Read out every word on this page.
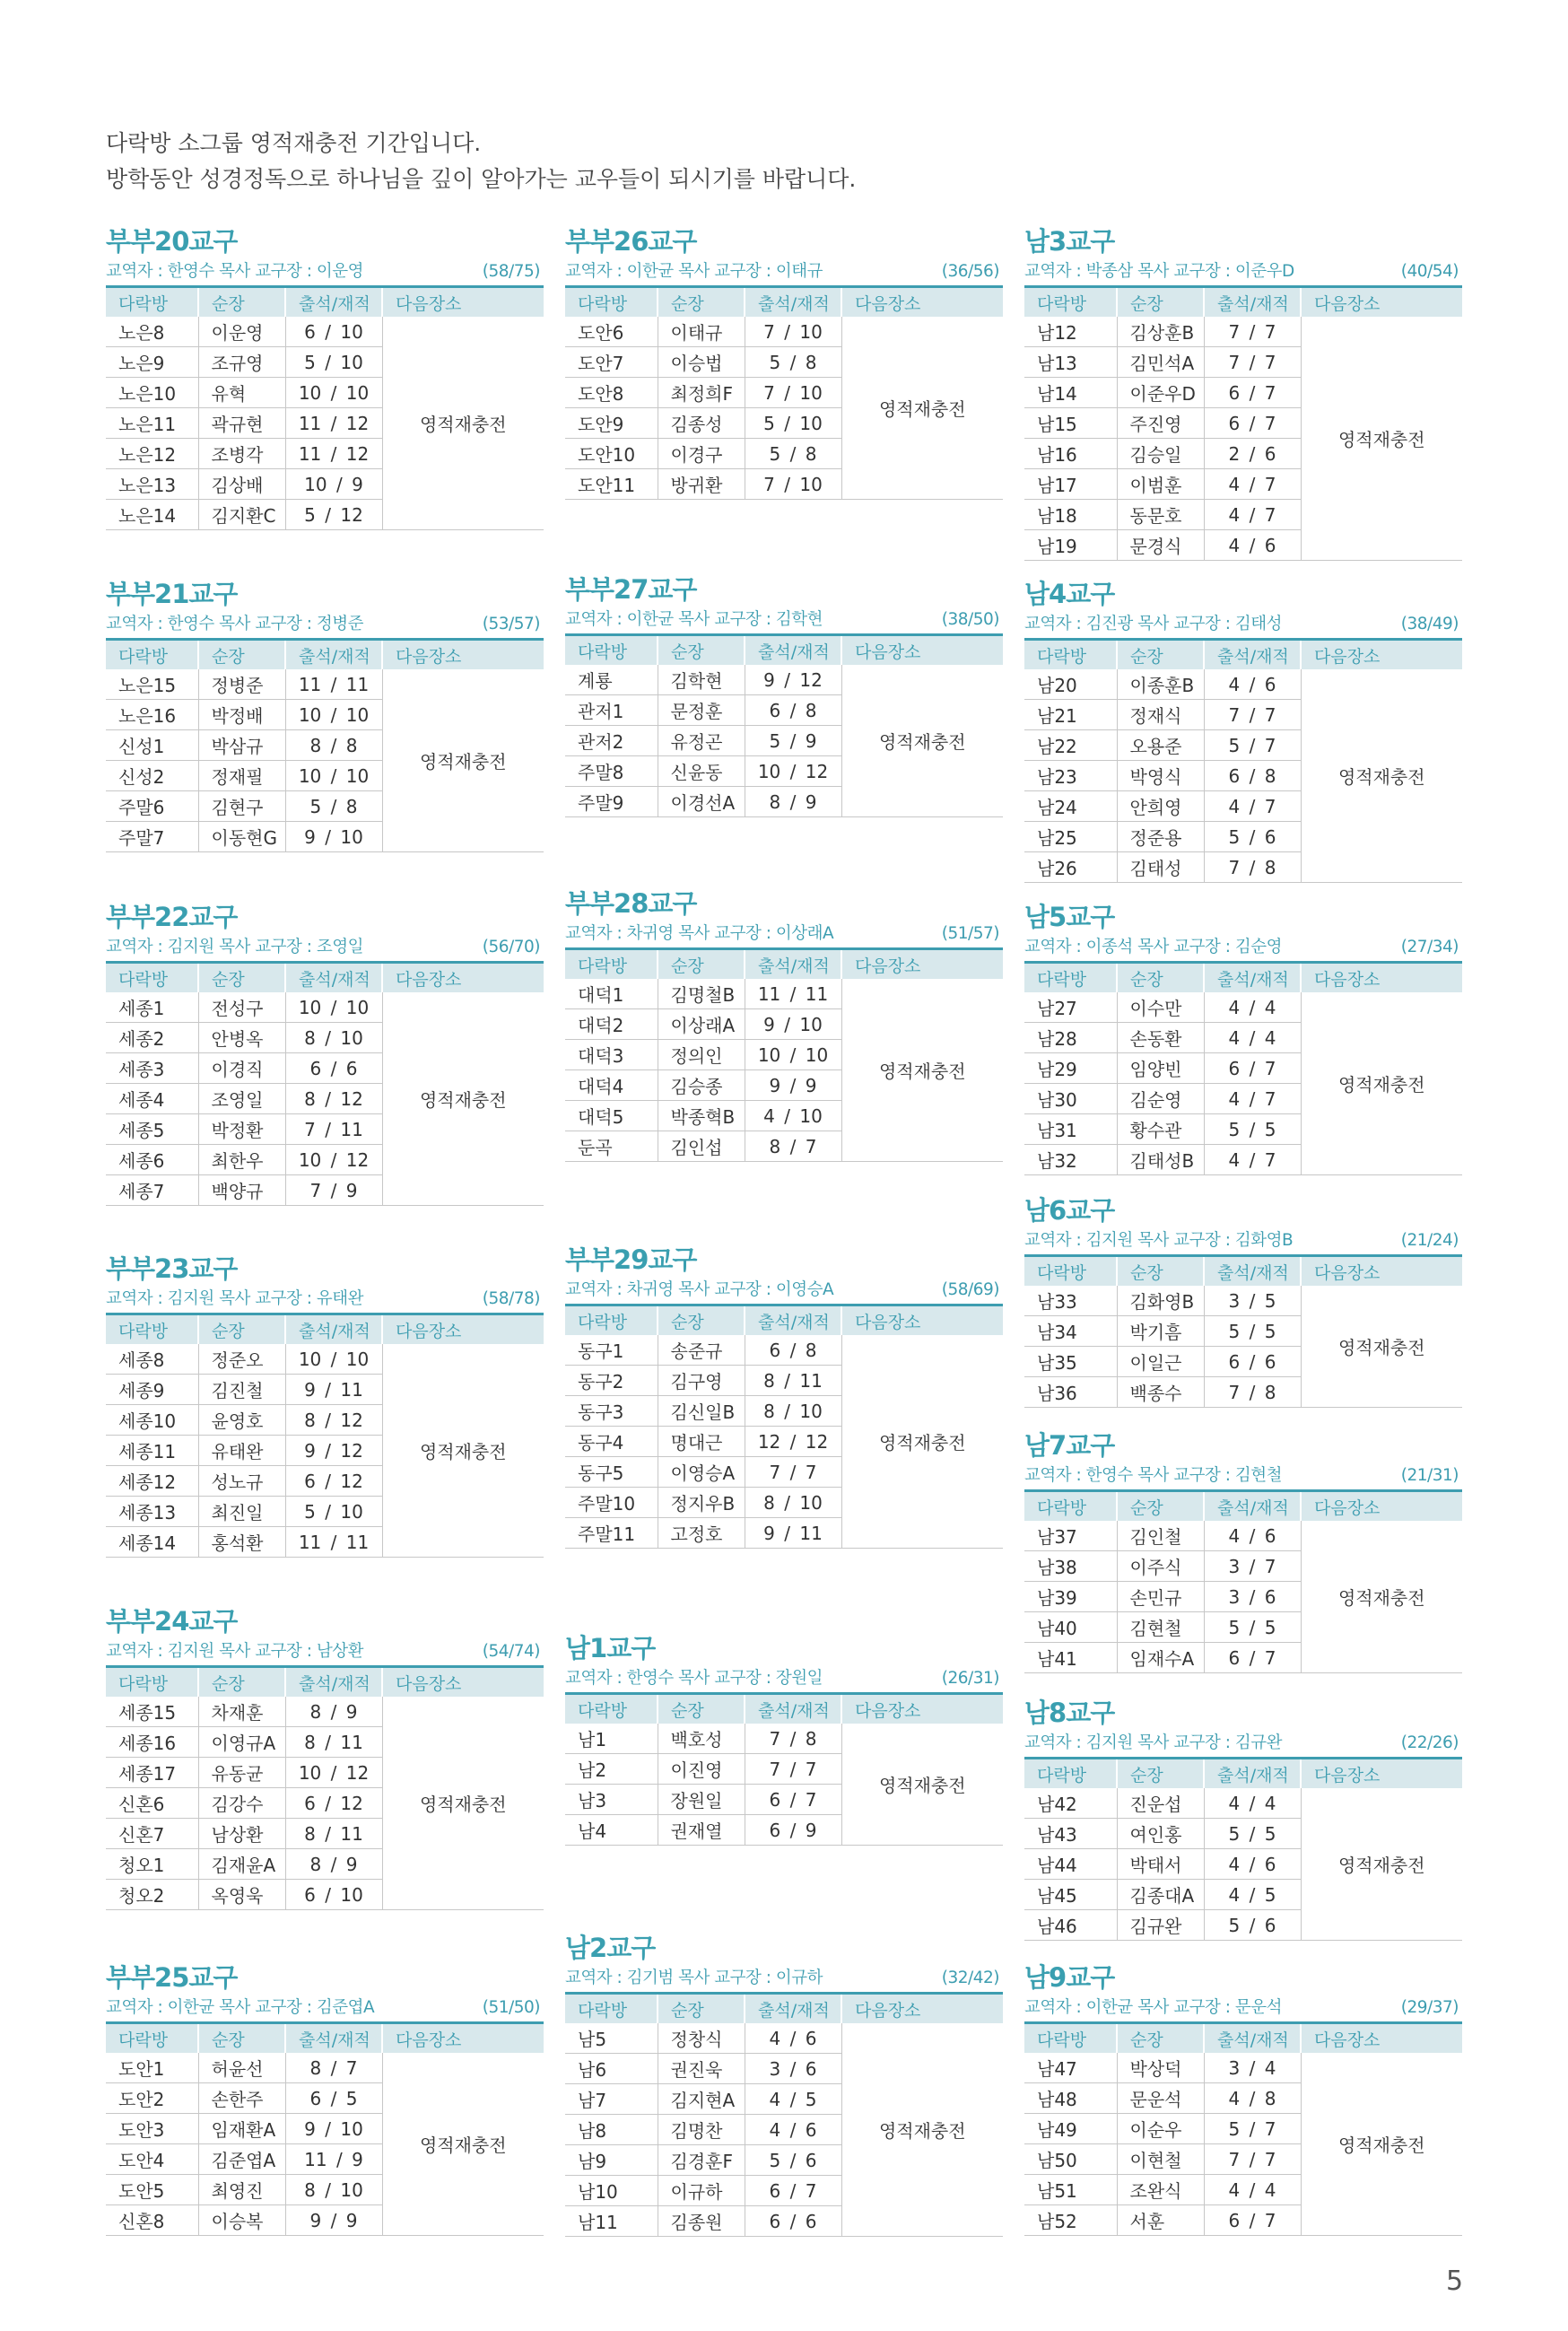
다락방 소그룹 영적재충전 기간입니다.
방학동안 성경정독으로 하나님을 깊이 알아가는 교우들이 되시기를 바랍니다.
부부20교구
교역자 : 한영수 목사 교구장 : 이운영	(58/75)
다락방	순장	출석/재적	다음장소
노은8	이운영	6 / 10	영적재충전
노은9	조규영	5 / 10	
노은10	유혁	10 / 10	
노은11	곽규현	11 / 12	
노은12	조병각	11 / 12	
노은13	김상배	10 / 9	
노은14	김지환C	5 / 12	
부부21교구
교역자 : 한영수 목사 교구장 : 정병준	(53/57)
다락방	순장	출석/재적	다음장소
노은15	정병준	11 / 11	영적재충전
노은16	박정배	10 / 10	
신성1	박삼규	8 / 8	
신성2	정재필	10 / 10	
주말6	김현구	5 / 8	
주말7	이동현G	9 / 10	
부부22교구
교역자 : 김지원 목사 교구장 : 조영일	(56/70)
다락방	순장	출석/재적	다음장소
세종1	전성구	10 / 10	영적재충전
세종2	안병옥	8 / 10	
세종3	이경직	6 / 6	
세종4	조영일	8 / 12	
세종5	박정환	7 / 11	
세종6	최한우	10 / 12	
세종7	백양규	7 / 9	
부부23교구
교역자 : 김지원 목사 교구장 : 유태완	(58/78)
다락방	순장	출석/재적	다음장소
세종8	정준오	10 / 10	영적재충전
세종9	김진철	9 / 11	
세종10	윤영호	8 / 12	
세종11	유태완	9 / 12	
세종12	성노규	6 / 12	
세종13	최진일	5 / 10	
세종14	홍석환	11 / 11	
부부24교구
교역자 : 김지원 목사 교구장 : 남상환	(54/74)
다락방	순장	출석/재적	다음장소
세종15	차재훈	8 / 9	영적재충전
세종16	이영규A	8 / 11	
세종17	유동균	10 / 12	
신혼6	김강수	6 / 12	
신혼7	남상환	8 / 11	
청오1	김재윤A	8 / 9	
청오2	옥영욱	6 / 10	
부부25교구
교역자 : 이한균 목사 교구장 : 김준엽A	(51/50)
다락방	순장	출석/재적	다음장소
도안1	허윤선	8 / 7	영적재충전
도안2	손한주	6 / 5	
도안3	임재환A	9 / 10	
도안4	김준엽A	11 / 9	
도안5	최영진	8 / 10	
신혼8	이승복	9 / 9	
부부26교구
교역자 : 이한균 목사 교구장 : 이태규	(36/56)
다락방	순장	출석/재적	다음장소
도안6	이태규	7 / 10	영적재충전
도안7	이승법	5 / 8	
도안8	최정희F	7 / 10	
도안9	김종성	5 / 10	
도안10	이경구	5 / 8	
도안11	방귀환	7 / 10	
부부27교구
교역자 : 이한균 목사 교구장 : 김학현	(38/50)
다락방	순장	출석/재적	다음장소
계룡	김학현	9 / 12	영적재충전
관저1	문정훈	6 / 8	
관저2	유정곤	5 / 9	
주말8	신윤동	10 / 12	
주말9	이경선A	8 / 9	
부부28교구
교역자 : 차귀영 목사 교구장 : 이상래A	(51/57)
다락방	순장	출석/재적	다음장소
대덕1	김명철B	11 / 11	영적재충전
대덕2	이상래A	9 / 10	
대덕3	정의인	10 / 10	
대덕4	김승종	9 / 9	
대덕5	박종혁B	4 / 10	
둔곡	김인섭	8 / 7	
부부29교구
교역자 : 차귀영 목사 교구장 : 이영승A	(58/69)
다락방	순장	출석/재적	다음장소
동구1	송준규	6 / 8	영적재충전
동구2	김구영	8 / 11	
동구3	김신일B	8 / 10	
동구4	명대근	12 / 12	
동구5	이영승A	7 / 7	
주말10	정지우B	8 / 10	
주말11	고정호	9 / 11	
남1교구
교역자 : 한영수 목사 교구장 : 장원일	(26/31)
다락방	순장	출석/재적	다음장소
남1	백호성	7 / 8	영적재충전
남2	이진영	7 / 7	
남3	장원일	6 / 7	
남4	권재열	6 / 9	
남2교구
교역자 : 김기범 목사 교구장 : 이규하	(32/42)
다락방	순장	출석/재적	다음장소
남5	정창식	4 / 6	영적재충전
남6	권진욱	3 / 6	
남7	김지현A	4 / 5	
남8	김명찬	4 / 6	
남9	김경훈F	5 / 6	
남10	이규하	6 / 7	
남11	김종원	6 / 6	
남3교구
교역자 : 박종삼 목사 교구장 : 이준우D	(40/54)
다락방	순장	출석/재적	다음장소
남12	김상훈B	7 / 7	영적재충전
남13	김민석A	7 / 7	
남14	이준우D	6 / 7	
남15	주진영	6 / 7	
남16	김승일	2 / 6	
남17	이범훈	4 / 7	
남18	동문호	4 / 7	
남19	문경식	4 / 6	
남4교구
교역자 : 김진광 목사 교구장 : 김태성	(38/49)
다락방	순장	출석/재적	다음장소
남20	이종훈B	4 / 6	영적재충전
남21	정재식	7 / 7	
남22	오용준	5 / 7	
남23	박영식	6 / 8	
남24	안희영	4 / 7	
남25	정준용	5 / 6	
남26	김태성	7 / 8	
남5교구
교역자 : 이종석 목사 교구장 : 김순영	(27/34)
다락방	순장	출석/재적	다음장소
남27	이수만	4 / 4	영적재충전
남28	손동환	4 / 4	
남29	임양빈	6 / 7	
남30	김순영	4 / 7	
남31	황수관	5 / 5	
남32	김태성B	4 / 7	
남6교구
교역자 : 김지원 목사 교구장 : 김화영B	(21/24)
다락방	순장	출석/재적	다음장소
남33	김화영B	3 / 5	영적재충전
남34	박기흠	5 / 5	
남35	이일근	6 / 6	
남36	백종수	7 / 8	
남7교구
교역자 : 한영수 목사 교구장 : 김현철	(21/31)
다락방	순장	출석/재적	다음장소
남37	김인철	4 / 6	영적재충전
남38	이주식	3 / 7	
남39	손민규	3 / 6	
남40	김현철	5 / 5	
남41	임재수A	6 / 7	
남8교구
교역자 : 김지원 목사 교구장 : 김규완	(22/26)
다락방	순장	출석/재적	다음장소
남42	진운섭	4 / 4	영적재충전
남43	여인홍	5 / 5	
남44	박태서	4 / 6	
남45	김종대A	4 / 5	
남46	김규완	5 / 6	
남9교구
교역자 : 이한균 목사 교구장 : 문운석	(29/37)
다락방	순장	출석/재적	다음장소
남47	박상덕	3 / 4	영적재충전
남48	문운석	4 / 8	
남49	이순우	5 / 7	
남50	이현철	7 / 7	
남51	조완식	4 / 4	
남52	서훈	6 / 7	
5
